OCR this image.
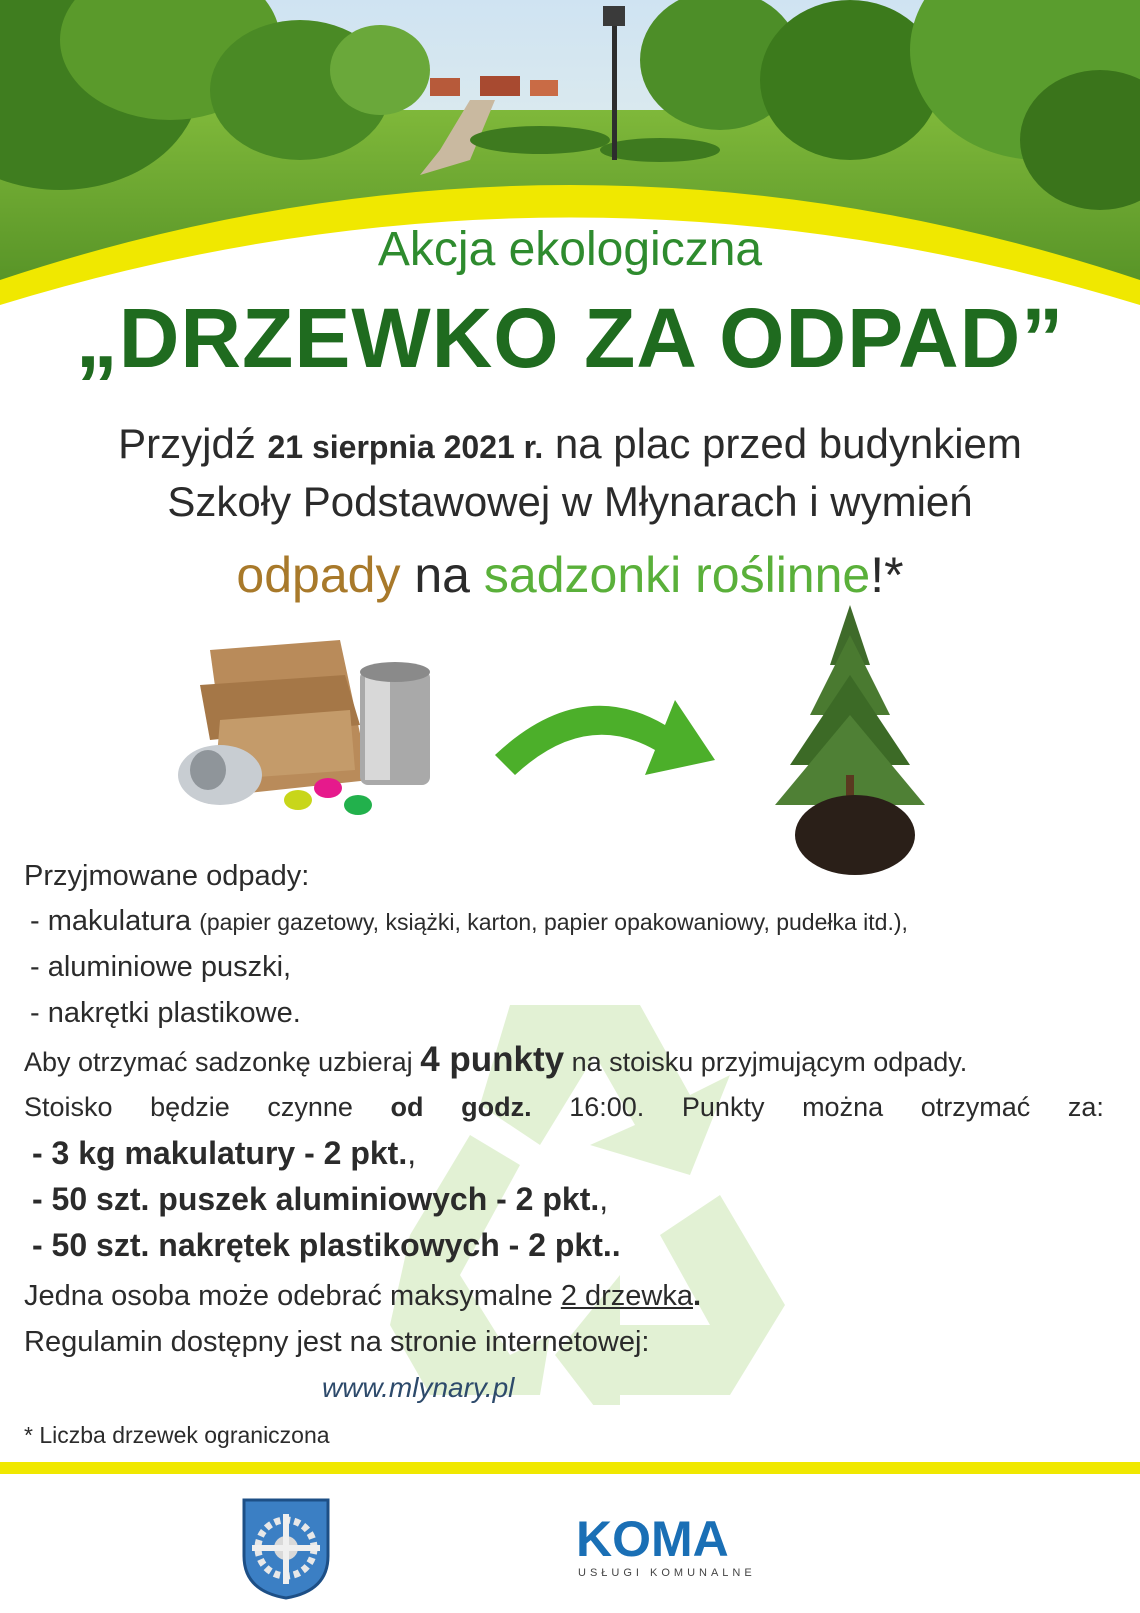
Akcja ekologiczna
„DRZEWKO ZA ODPAD”
Przyjdź 21 sierpnia 2021 r. na plac przed budynkiem
Szkoły Podstawowej w Młynarach i wymień
odpady na sadzonki roślinne!*
Przyjmowane odpady:
- makulatura (papier gazetowy, książki, karton, papier opakowaniowy, pudełka itd.),
- aluminiowe puszki,
- nakrętki plastikowe.
Aby otrzymać sadzonkę uzbieraj 4 punkty na stoisku przyjmującym odpady.
Stoisko będzie czynne od godz. 16:00. Punkty można otrzymać za:
- 3 kg makulatury - 2 pkt.,
- 50 szt. puszek aluminiowych - 2 pkt.,
- 50 szt. nakrętek plastikowych - 2 pkt..
Jedna osoba może odebrać maksymalne 2 drzewka.
Regulamin dostępny jest na stronie internetowej:
www.mlynary.pl
* Liczba drzewek ograniczona
KOMA
USŁUGI KOMUNALNE
